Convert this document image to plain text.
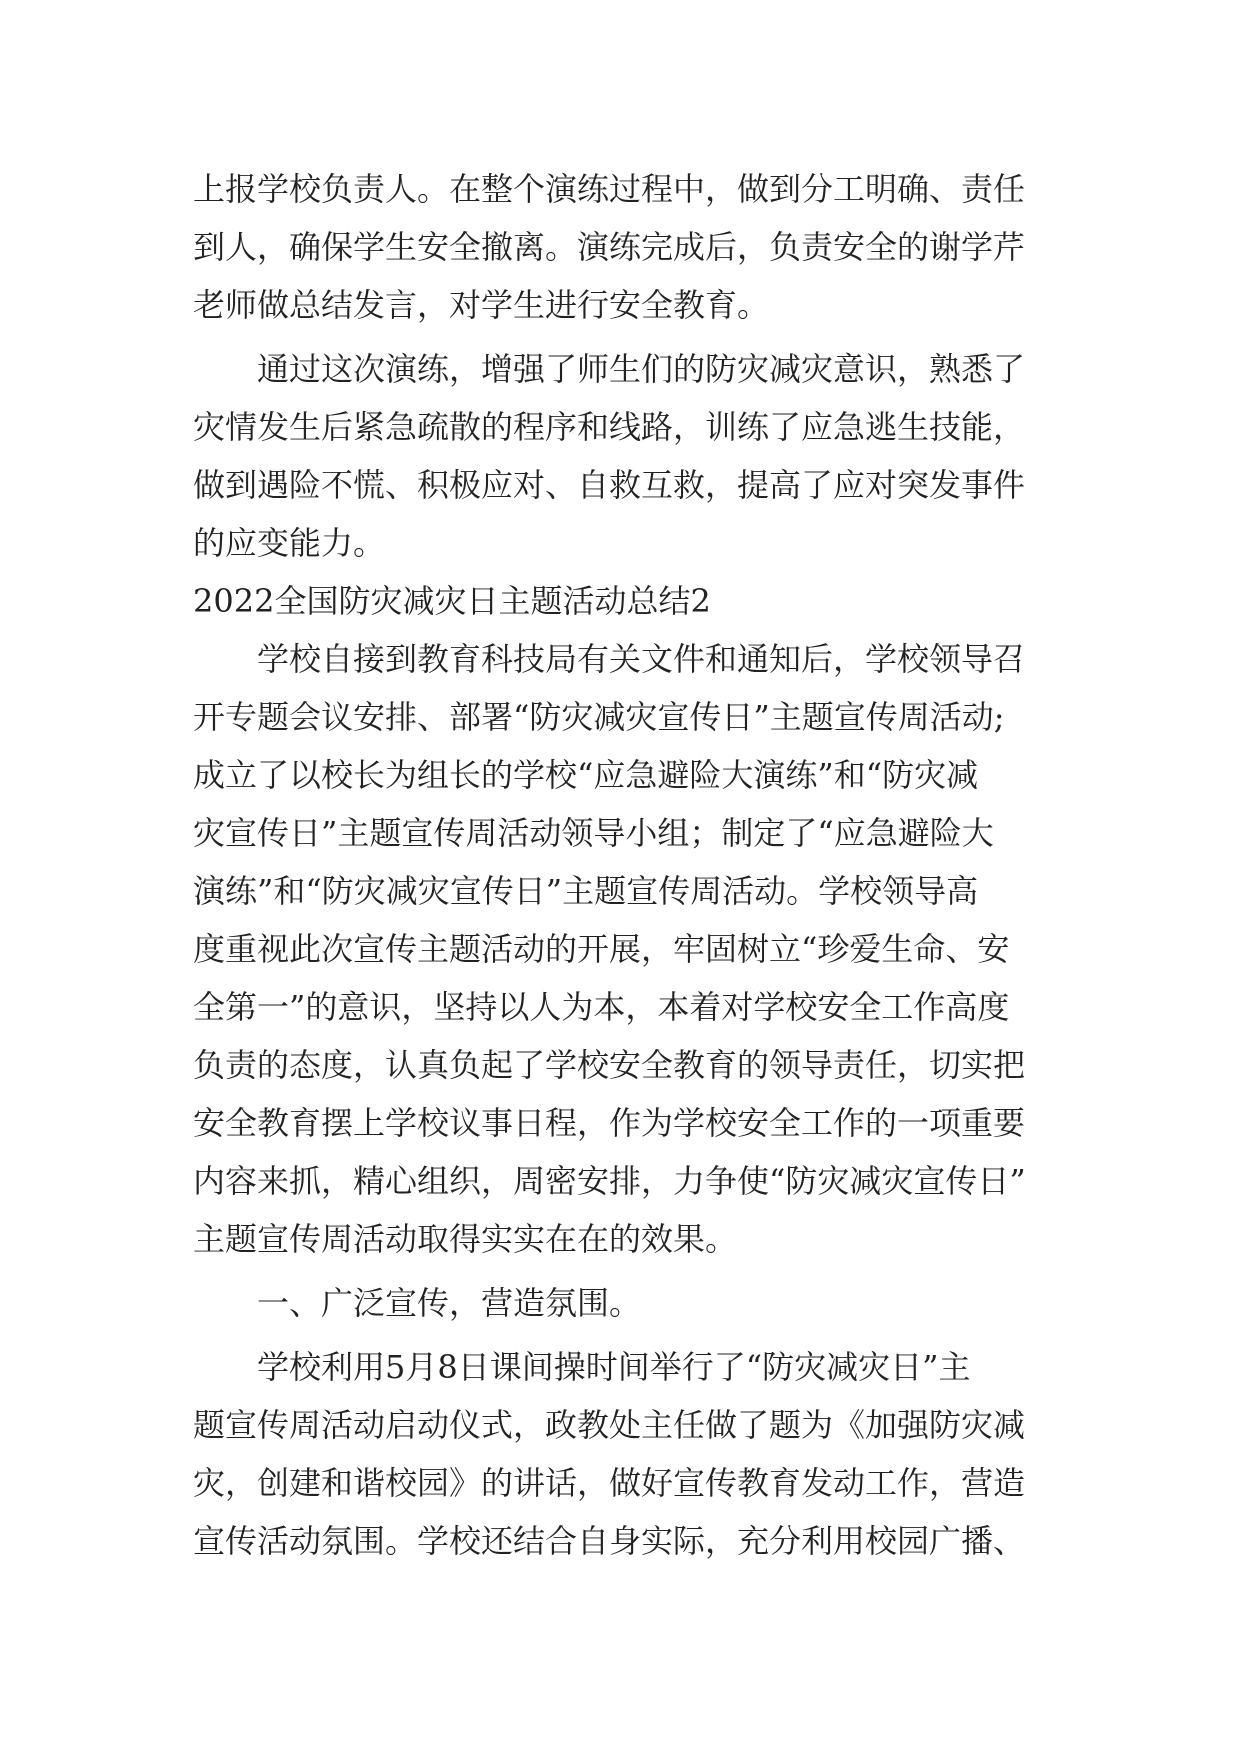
上报学校负责人。在整个演练过程中，做到分工明确、责任
到人，确保学生安全撤离。演练完成后，负责安全的谢学芹
老师做总结发言，对学生进行安全教育。
通过这次演练，增强了师生们的防灾减灾意识，熟悉了
灾情发生后紧急疏散的程序和线路，训练了应急逃生技能，
做到遇险不慌、积极应对、自救互救，提高了应对突发事件
的应变能力。
2022全国防灾减灾日主题活动总结2
学校自接到教育科技局有关文件和通知后，学校领导召
开专题会议安排、部署“防灾减灾宣传日”主题宣传周活动;
成立了以校长为组长的学校“应急避险大演练”和“防灾减
灾宣传日”主题宣传周活动领导小组；制定了“应急避险大
演练”和“防灾减灾宣传日”主题宣传周活动。学校领导高
度重视此次宣传主题活动的开展，牢固树立“珍爱生命、安
全第一”的意识，坚持以人为本，本着对学校安全工作高度
负责的态度，认真负起了学校安全教育的领导责任，切实把
安全教育摆上学校议事日程，作为学校安全工作的一项重要
内容来抓，精心组织，周密安排，力争使“防灾减灾宣传日”
主题宣传周活动取得实实在在的效果。
一、广泛宣传，营造氛围。
学校利用5月8日课间操时间举行了“防灾减灾日”主
题宣传周活动启动仪式，政教处主任做了题为《加强防灾减
灾，创建和谐校园》的讲话，做好宣传教育发动工作，营造
宣传活动氛围。学校还结合自身实际，充分利用校园广播、
